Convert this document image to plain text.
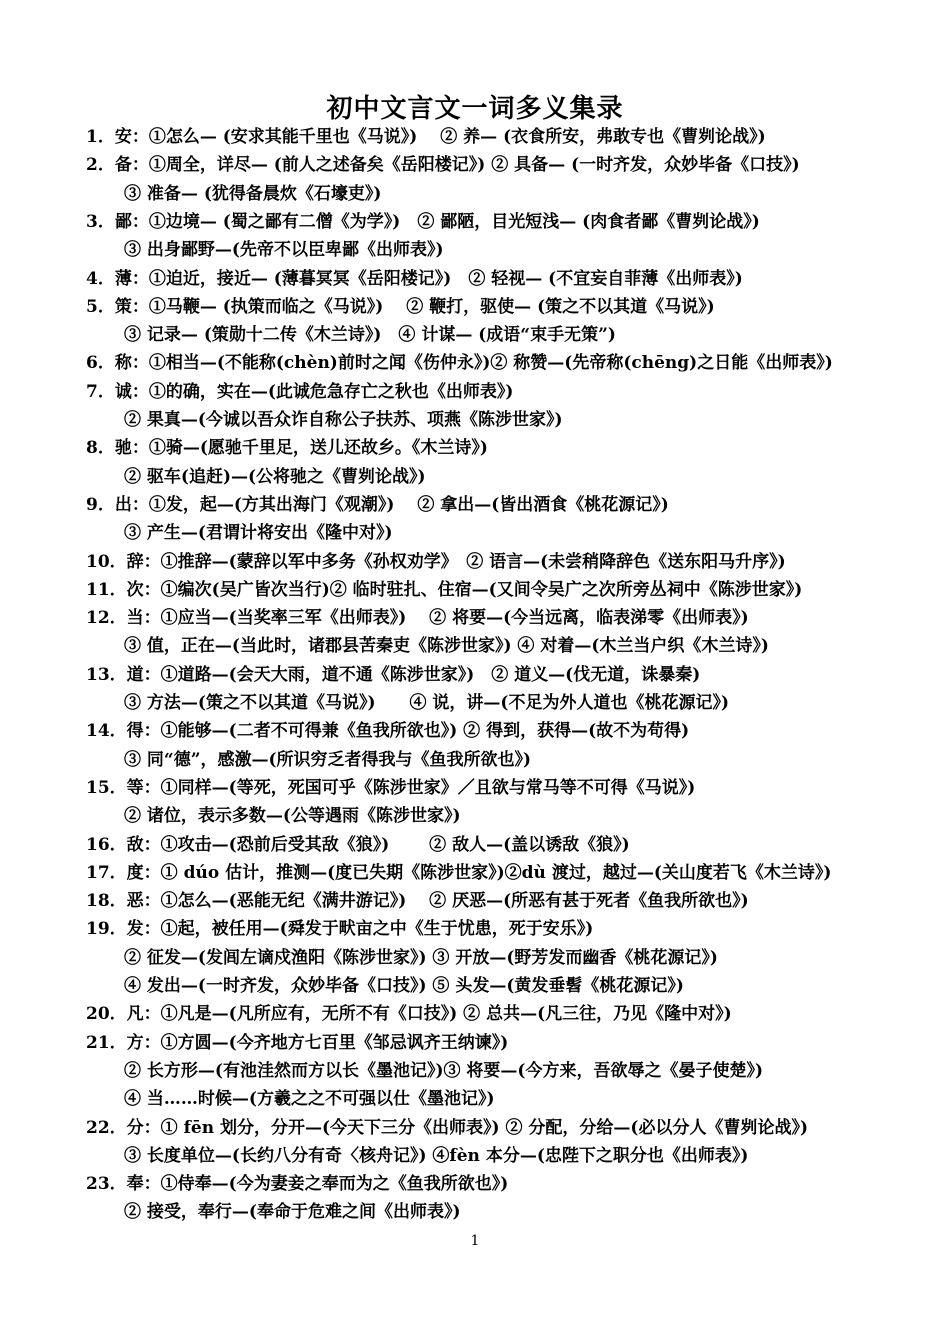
初中文言文一词多义集录
1．安：①怎么— (安求其能千里也《马说》)　 ② 养— (衣食所安，弗敢专也《曹刿论战》)
2．备：①周全，详尽— (前人之述备矣《岳阳楼记》) ② 具备— (一时齐发，众妙毕备《口技》)
③ 准备— (犹得备晨炊《石壕吏》)
3．鄙：①边境— (蜀之鄙有二僧《为学》)　② 鄙陋，目光短浅— (肉食者鄙《曹刿论战》)
③ 出身鄙野—(先帝不以臣卑鄙《出师表》)
4．薄：①迫近，接近— (薄暮冥冥《岳阳楼记》)　② 轻视— (不宜妄自菲薄《出师表》)
5．策：①马鞭— (执策而临之《马说》)　 ② 鞭打，驱使— (策之不以其道《马说》)
③ 记录— (策勋十二传《木兰诗》)　④ 计谋— (成语“束手无策”)
6．称：①相当—(不能称(chèn)前时之闻《伤仲永》)② 称赞—(先帝称(chēng)之日能《出师表》)
7．诚：①的确，实在—(此诚危急存亡之秋也《出师表》)
② 果真—(今诚以吾众诈自称公子扶苏、项燕《陈涉世家》)
8．驰：①骑—(愿驰千里足，送儿还故乡。《木兰诗》)
② 驱车(追赶)—(公将驰之《曹刿论战》)
9．出：①发，起—(方其出海门《观潮》)　 ② 拿出—(皆出酒食《桃花源记》)
③ 产生—(君谓计将安出《隆中对》)
10．辞：①推辞—(蒙辞以军中多务《孙权劝学》　② 语言—(未尝稍降辞色《送东阳马升序》)
11．次：①编次(吴广皆次当行)② 临时驻扎、住宿—(又间令吴广之次所旁丛祠中《陈涉世家》)
12．当：①应当—(当奖率三军《出师表》)　 ② 将要—(今当远离，临表涕零《出师表》)
③ 值，正在—(当此时，诸郡县苦秦吏《陈涉世家》) ④ 对着—(木兰当户织《木兰诗》)
13．道：①道路—(会天大雨，道不通《陈涉世家》)　② 道义—(伐无道，诛暴秦)
③ 方法—(策之不以其道《马说》)　　④ 说，讲—(不足为外人道也《桃花源记》)
14．得：①能够—(二者不可得兼《鱼我所欲也》) ② 得到，获得—(故不为苟得)
③ 同“德”，感激—(所识穷乏者得我与《鱼我所欲也》)
15．等：①同样—(等死，死国可乎《陈涉世家》／且欲与常马等不可得《马说》)
② 诸位，表示多数—(公等遇雨《陈涉世家》)
16．敌：①攻击—(恐前后受其敌《狼》)　　 ② 敌人—(盖以诱敌《狼》)
17．度：① dúo 估计，推测—(度已失期《陈涉世家》)②dù 渡过，越过—(关山度若飞《木兰诗》)
18．恶：①怎么—(恶能无纪《满井游记》)　 ② 厌恶—(所恶有甚于死者《鱼我所欲也》)
19．发：①起，被任用—(舜发于畎亩之中《生于忧患，死于安乐》)
② 征发—(发闾左谪戍渔阳《陈涉世家》) ③ 开放—(野芳发而幽香《桃花源记》)
④ 发出—(一时齐发，众妙毕备《口技》) ⑤ 头发—(黄发垂髫《桃花源记》)
20．凡：①凡是—(凡所应有，无所不有《口技》) ② 总共—(凡三往，乃见《隆中对》)
21．方：①方圆—(今齐地方七百里《邹忌讽齐王纳谏》)
② 长方形—(有池洼然而方以长《墨池记》)③ 将要—(今方来，吾欲辱之《晏子使楚》)
④ 当……时候—(方羲之之不可强以仕《墨池记》)
22．分：① fēn 划分，分开—(今天下三分《出师表》) ② 分配，分给—(必以分人《曹刿论战》)
③ 长度单位—(长约八分有奇〈核舟记》) ④fèn 本分—(忠陛下之职分也《出师表》)
23．奉：①侍奉—(今为妻妾之奉而为之《鱼我所欲也》)
② 接受，奉行—(奉命于危难之间《出师表》)
1
